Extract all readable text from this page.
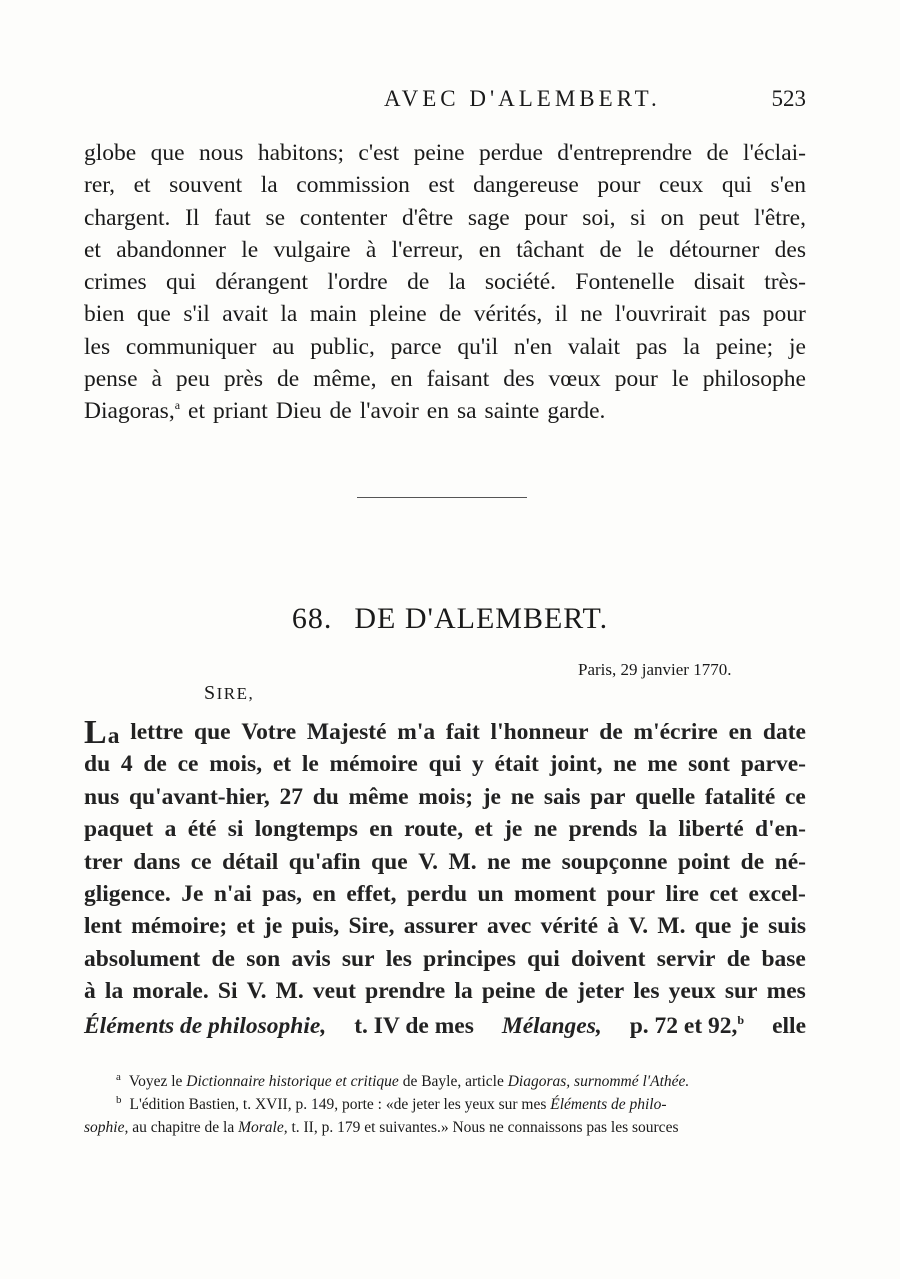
AVEC D'ALEMBERT.	523
globe que nous habitons; c'est peine perdue d'entreprendre de l'éclai-
rer, et souvent la commission est dangereuse pour ceux qui s'en
chargent. Il faut se contenter d'être sage pour soi, si on peut l'être,
et abandonner le vulgaire à l'erreur, en tâchant de le détourner des
crimes qui dérangent l'ordre de la société. Fontenelle disait très-
bien que s'il avait la main pleine de vérités, il ne l'ouvrirait pas pour
les communiquer au public, parce qu'il n'en valait pas la peine; je
pense à peu près de même, en faisant des vœux pour le philosophe
Diagoras,$^a$ et priant Dieu de l'avoir en sa sainte garde.
68. DE D'ALEMBERT.
Paris, 29 janvier 1770.
SIRE,
La lettre que Votre Majesté m'a fait l'honneur de m'écrire en date
du 4 de ce mois, et le mémoire qui y était joint, ne me sont parve-
nus qu'avant-hier, 27 du même mois; je ne sais par quelle fatalité ce
paquet a été si longtemps en route, et je ne prends la liberté d'en-
trer dans ce détail qu'afin que V. M. ne me soupçonne point de né-
gligence. Je n'ai pas, en effet, perdu un moment pour lire cet excel-
lent mémoire; et je puis, Sire, assurer avec vérité à V. M. que je suis
absolument de son avis sur les principes qui doivent servir de base
à la morale. Si V. M. veut prendre la peine de jeter les yeux sur mes
Éléments de philosophie, t. IV de mes Mélanges, p. 72 et 92,$^b$ elle
$^a$ Voyez le Dictionnaire historique et critique de Bayle, article Diagoras, surnommé l'Athée.
$^b$ L'édition Bastien, t. XVII, p. 149, porte : «de jeter les yeux sur mes Éléments de philo-
sophie, au chapitre de la Morale, t. II, p. 179 et suivantes.» Nous ne connaissons pas les sources
